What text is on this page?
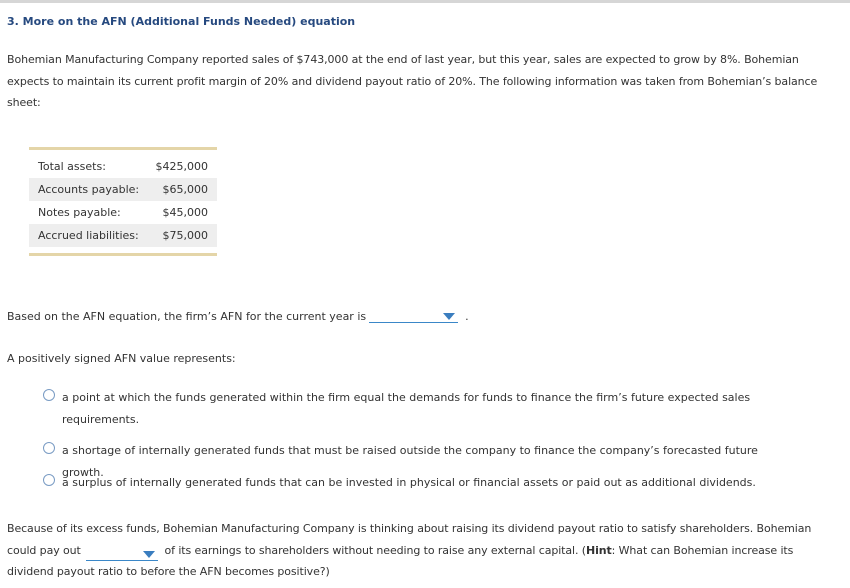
3. More on the AFN (Additional Funds Needed) equation

Bohemian Manufacturing Company reported sales of $743,000 at the end of last year, but this year, sales are expected to grow by 8%. Bohemian expects to maintain its current profit margin of 20% and dividend payout ratio of 20%. The following information was taken from Bohemian’s balance sheet:

Total assets:	$425,000
Accounts payable:	$65,000
Notes payable:	$45,000
Accrued liabilities:	$75,000
Based on the AFN equation, the firm’s AFN for the current year is	.
A positively signed AFN value represents:
a point at which the funds generated within the firm equal the demands for funds to finance the firm’s future expected sales requirements.
a shortage of internally generated funds that must be raised outside the company to finance the company’s forecasted future growth.
a surplus of internally generated funds that can be invested in physical or financial assets or paid out as additional dividends.

Because of its excess funds, Bohemian Manufacturing Company is thinking about raising its dividend payout ratio to satisfy shareholders. Bohemian could pay out	of its earnings to shareholders without needing to raise any external capital. (Hint: What can Bohemian increase its dividend payout ratio to before the AFN becomes positive?)
